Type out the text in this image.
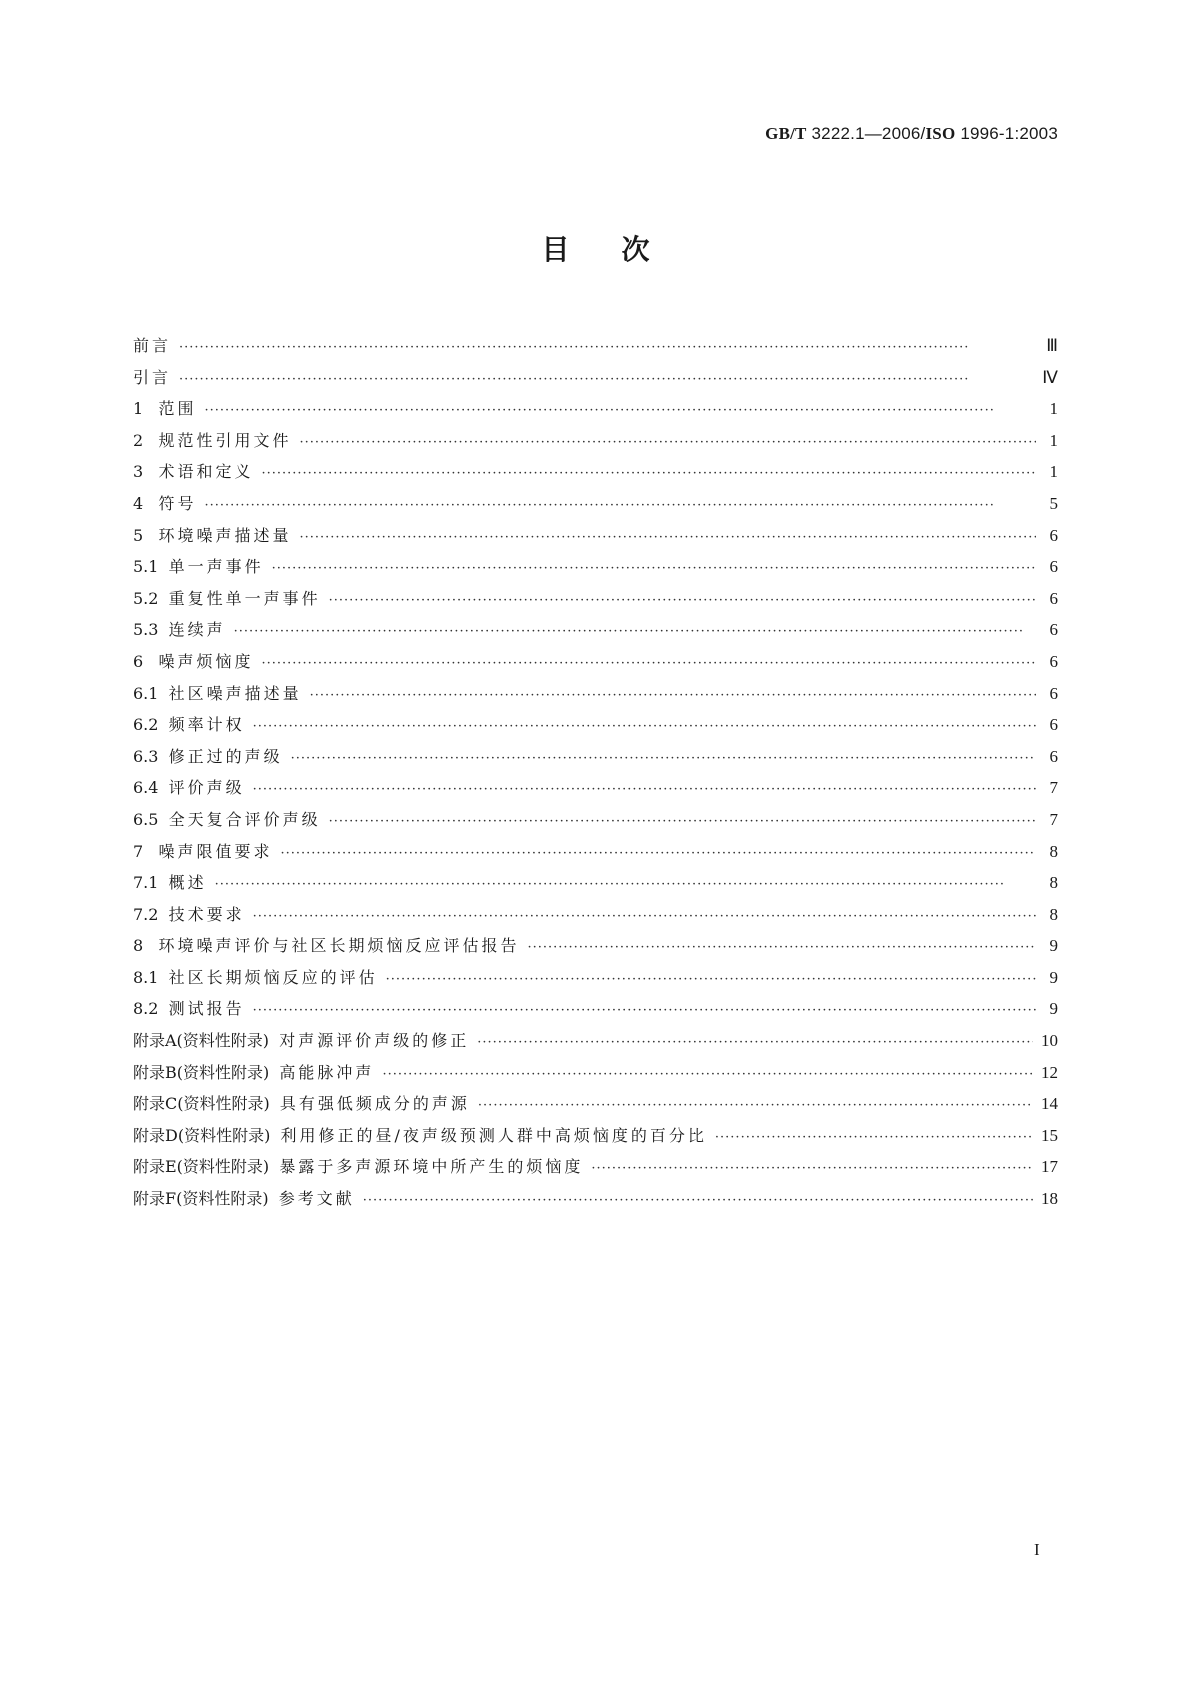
GB/T 3222.1—2006/ISO 1996-1:2003
目次
前言 ·····	Ⅲ
引言 ·····	Ⅳ
1 范围 ·····	1
2 规范性引用文件 ·····	1
3 术语和定义 ·····	1
4 符号 ·····	5
5 环境噪声描述量 ·····	6
5.1 单一声事件 ·····	6
5.2 重复性单一声事件 ·····	6
5.3 连续声 ·····	6
6 噪声烦恼度 ·····	6
6.1 社区噪声描述量 ·····	6
6.2 频率计权 ·····	6
6.3 修正过的声级 ·····	6
6.4 评价声级 ·····	7
6.5 全天复合评价声级 ·····	7
7 噪声限值要求 ·····	8
7.1 概述 ·····	8
7.2 技术要求 ·····	8
8 环境噪声评价与社区长期烦恼反应评估报告 ·····	9
8.1 社区长期烦恼反应的评估 ·····	9
8.2 测试报告 ·····	9
附录A(资料性附录) 对声源评价声级的修正 ·····	10
附录B(资料性附录) 高能脉冲声 ·····	12
附录C(资料性附录) 具有强低频成分的声源 ·····	14
附录D(资料性附录) 利用修正的昼/夜声级预测人群中高烦恼度的百分比 ·····	15
附录E(资料性附录) 暴露于多声源环境中所产生的烦恼度 ·····	17
附录F(资料性附录) 参考文献 ·····	18
I
